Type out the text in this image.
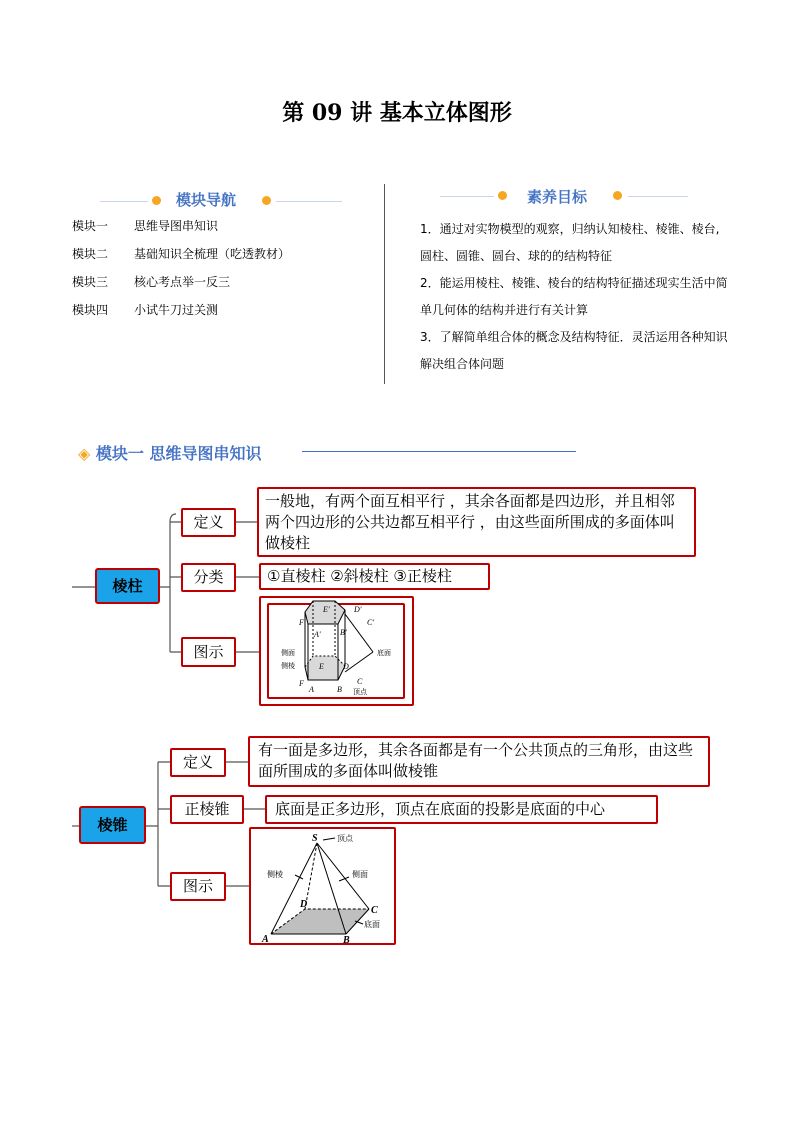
第 09 讲 基本立体图形
模块导航
模块一 思维导图串知识
模块二 基础知识全梳理（吃透教材）
模块三 核心考点举一反三
模块四 小试牛刀过关测
素养目标
1．通过对实物模型的观察，归纳认知棱柱、棱锥、棱台,圆柱、圆锥、圆台、球的的结构特征
2．能运用棱柱、棱锥、棱台的结构特征描述现实生活中简单几何体的结构并进行有关计算
3．了解简单组合体的概念及结构特征．灵活运用各种知识解决组合体问题
◈ 模块一 思维导图串知识
棱柱
定义
一般地，有两个面互相平行 ，其余各面都是四边形，并且相邻两个四边形的公共边都互相平行 ，由这些面所围成的多面体叫做棱柱
分类	①直棱柱 ②斜棱柱 ③正棱柱
图示
E'	D'
F'
A' B'
C'
E D
F
A	B
C
侧面
侧棱
底面
顶点
棱锥
定义
有一面是多边形，其余各面都是有一个公共顶点的三角形，由这些面所围成的多面体叫做棱锥
正棱锥	底面是正多边形，顶点在底面的投影是底面的中心
图示
S
D
C
A	B
顶点
侧棱	侧面
底面
